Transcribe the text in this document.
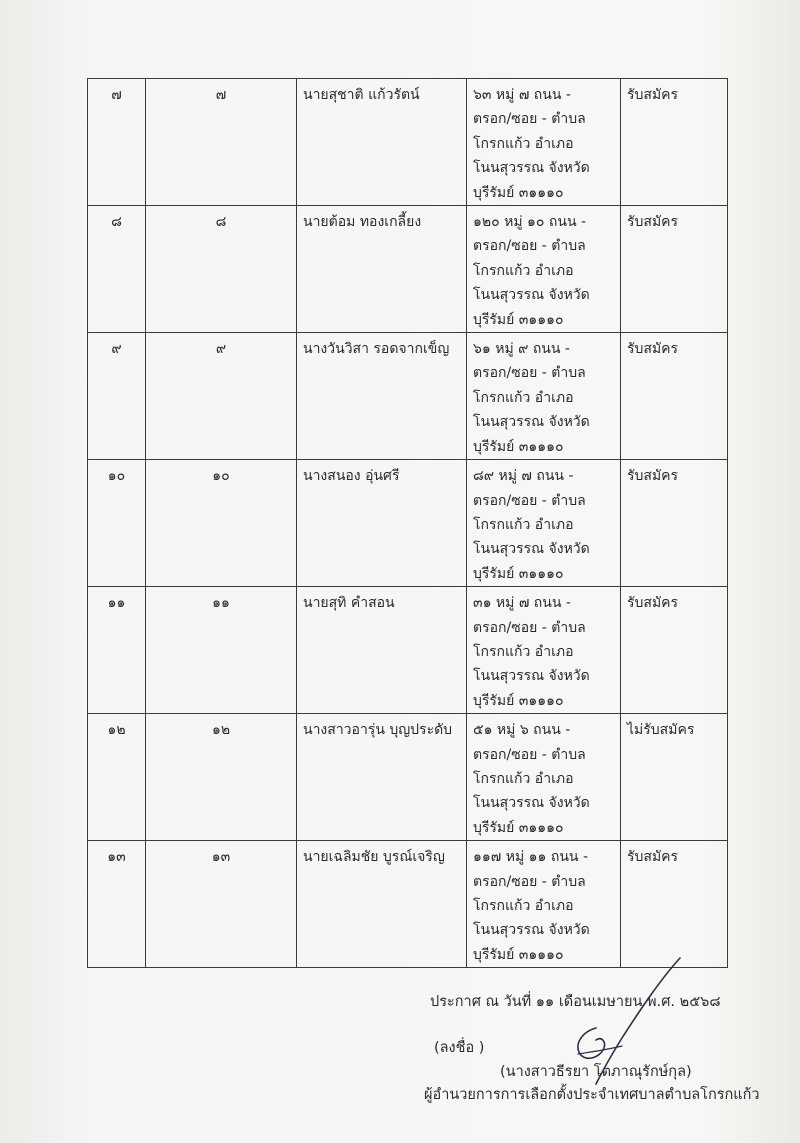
๗	๗	นายสุชาติ แก้วรัตน์	๖๓ หมู่ ๗ ถนน -
ตรอก/ซอย - ตำบล
โกรกแก้ว อำเภอ
โนนสุวรรณ จังหวัด
บุรีรัมย์ ๓๑๑๑๐	รับสมัคร
๘	๘	นายต้อม ทองเกลี้ยง	๑๒๐ หมู่ ๑๐ ถนน -
ตรอก/ซอย - ตำบล
โกรกแก้ว อำเภอ
โนนสุวรรณ จังหวัด
บุรีรัมย์ ๓๑๑๑๐	รับสมัคร
๙	๙	นางวันวิสา รอดจากเข็ญ	๖๑ หมู่ ๙ ถนน -
ตรอก/ซอย - ตำบล
โกรกแก้ว อำเภอ
โนนสุวรรณ จังหวัด
บุรีรัมย์ ๓๑๑๑๐	รับสมัคร
๑๐	๑๐	นางสนอง อุ่นศรี	๘๙ หมู่ ๗ ถนน -
ตรอก/ซอย - ตำบล
โกรกแก้ว อำเภอ
โนนสุวรรณ จังหวัด
บุรีรัมย์ ๓๑๑๑๐	รับสมัคร
๑๑	๑๑	นายสุทิ คำสอน	๓๑ หมู่ ๗ ถนน -
ตรอก/ซอย - ตำบล
โกรกแก้ว อำเภอ
โนนสุวรรณ จังหวัด
บุรีรัมย์ ๓๑๑๑๐	รับสมัคร
๑๒	๑๒	นางสาวอารุ่น บุญประดับ	๕๑ หมู่ ๖ ถนน -
ตรอก/ซอย - ตำบล
โกรกแก้ว อำเภอ
โนนสุวรรณ จังหวัด
บุรีรัมย์ ๓๑๑๑๐	ไม่รับสมัคร
๑๓	๑๓	นายเฉลิมชัย บูรณ์เจริญ	๑๑๗ หมู่ ๑๑ ถนน -
ตรอก/ซอย - ตำบล
โกรกแก้ว อำเภอ
โนนสุวรรณ จังหวัด
บุรีรัมย์ ๓๑๑๑๐	รับสมัคร
ประกาศ ณ วันที่ ๑๑ เดือนเมษายน พ.ศ. ๒๕๖๘
(ลงชื่อ )
(นางสาวธีรยา โตภาณุรักษ์กุล)
ผู้อำนวยการการเลือกตั้งประจำเทศบาลตำบลโกรกแก้ว
